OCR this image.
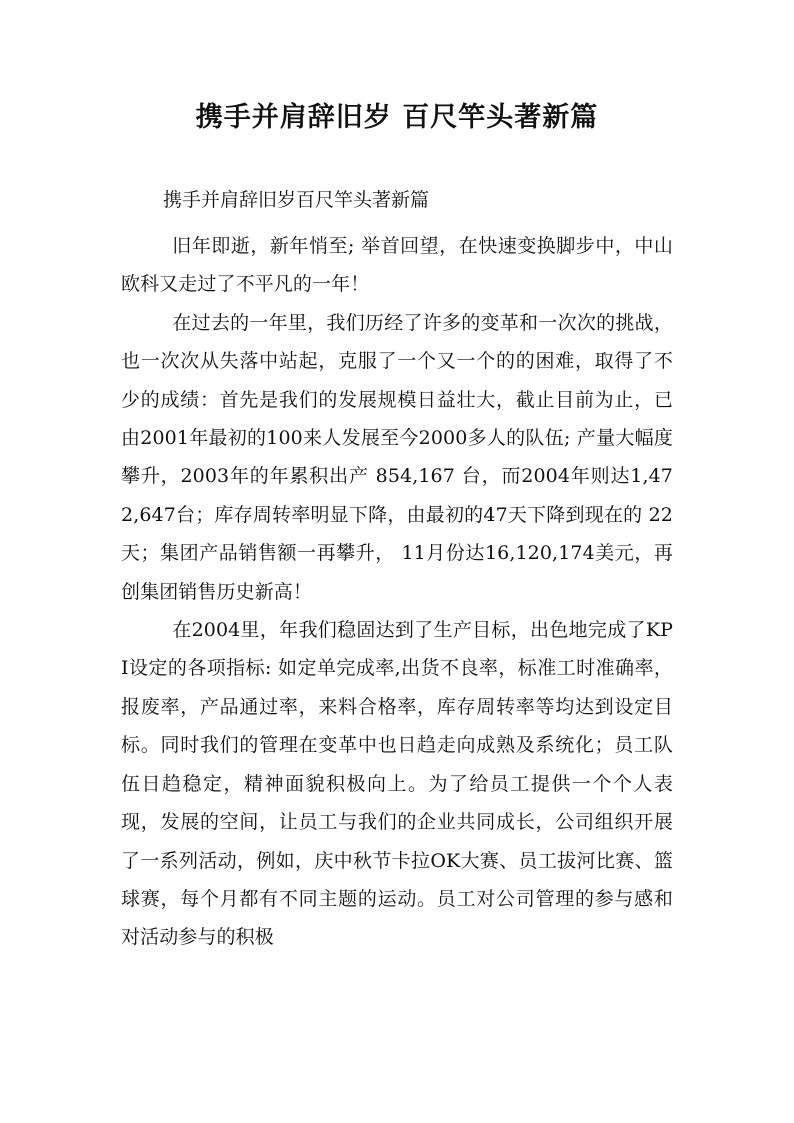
携手并肩辞旧岁 百尺竿头著新篇

携手并肩辞旧岁百尺竿头著新篇

旧年即逝，新年悄至; 举首回望，在快速变换脚步中，中山欧科又走过了不平凡的一年！

在过去的一年里，我们历经了许多的变革和一次次的挑战，也一次次从失落中站起，克服了一个又一个的的困难，取得了不少的成绩：首先是我们的发展规模日益壮大，截止目前为止，已由2001年最初的100来人发展至今2000多人的队伍; 产量大幅度攀升，2003年的年累积出产 854,167 台，而2004年则达1,472,647台；库存周转率明显下降，由最初的47天下降到现在的 22天；集团产品销售额一再攀升， 11月份达16,120,174美元，再创集团销售历史新高！

在2004里，年我们稳固达到了生产目标，出色地完成了KPI设定的各项指标: 如定单完成率,出货不良率，标准工时准确率，报废率，产品通过率，来料合格率，库存周转率等均达到设定目标。同时我们的管理在变革中也日趋走向成熟及系统化；员工队伍日趋稳定，精神面貌积极向上。为了给员工提供一个个人表现，发展的空间，让员工与我们的企业共同成长，公司组织开展了一系列活动，例如，庆中秋节卡拉OK大赛、员工拔河比赛、篮球赛，每个月都有不同主题的运动。员工对公司管理的参与感和对活动参与的积极
